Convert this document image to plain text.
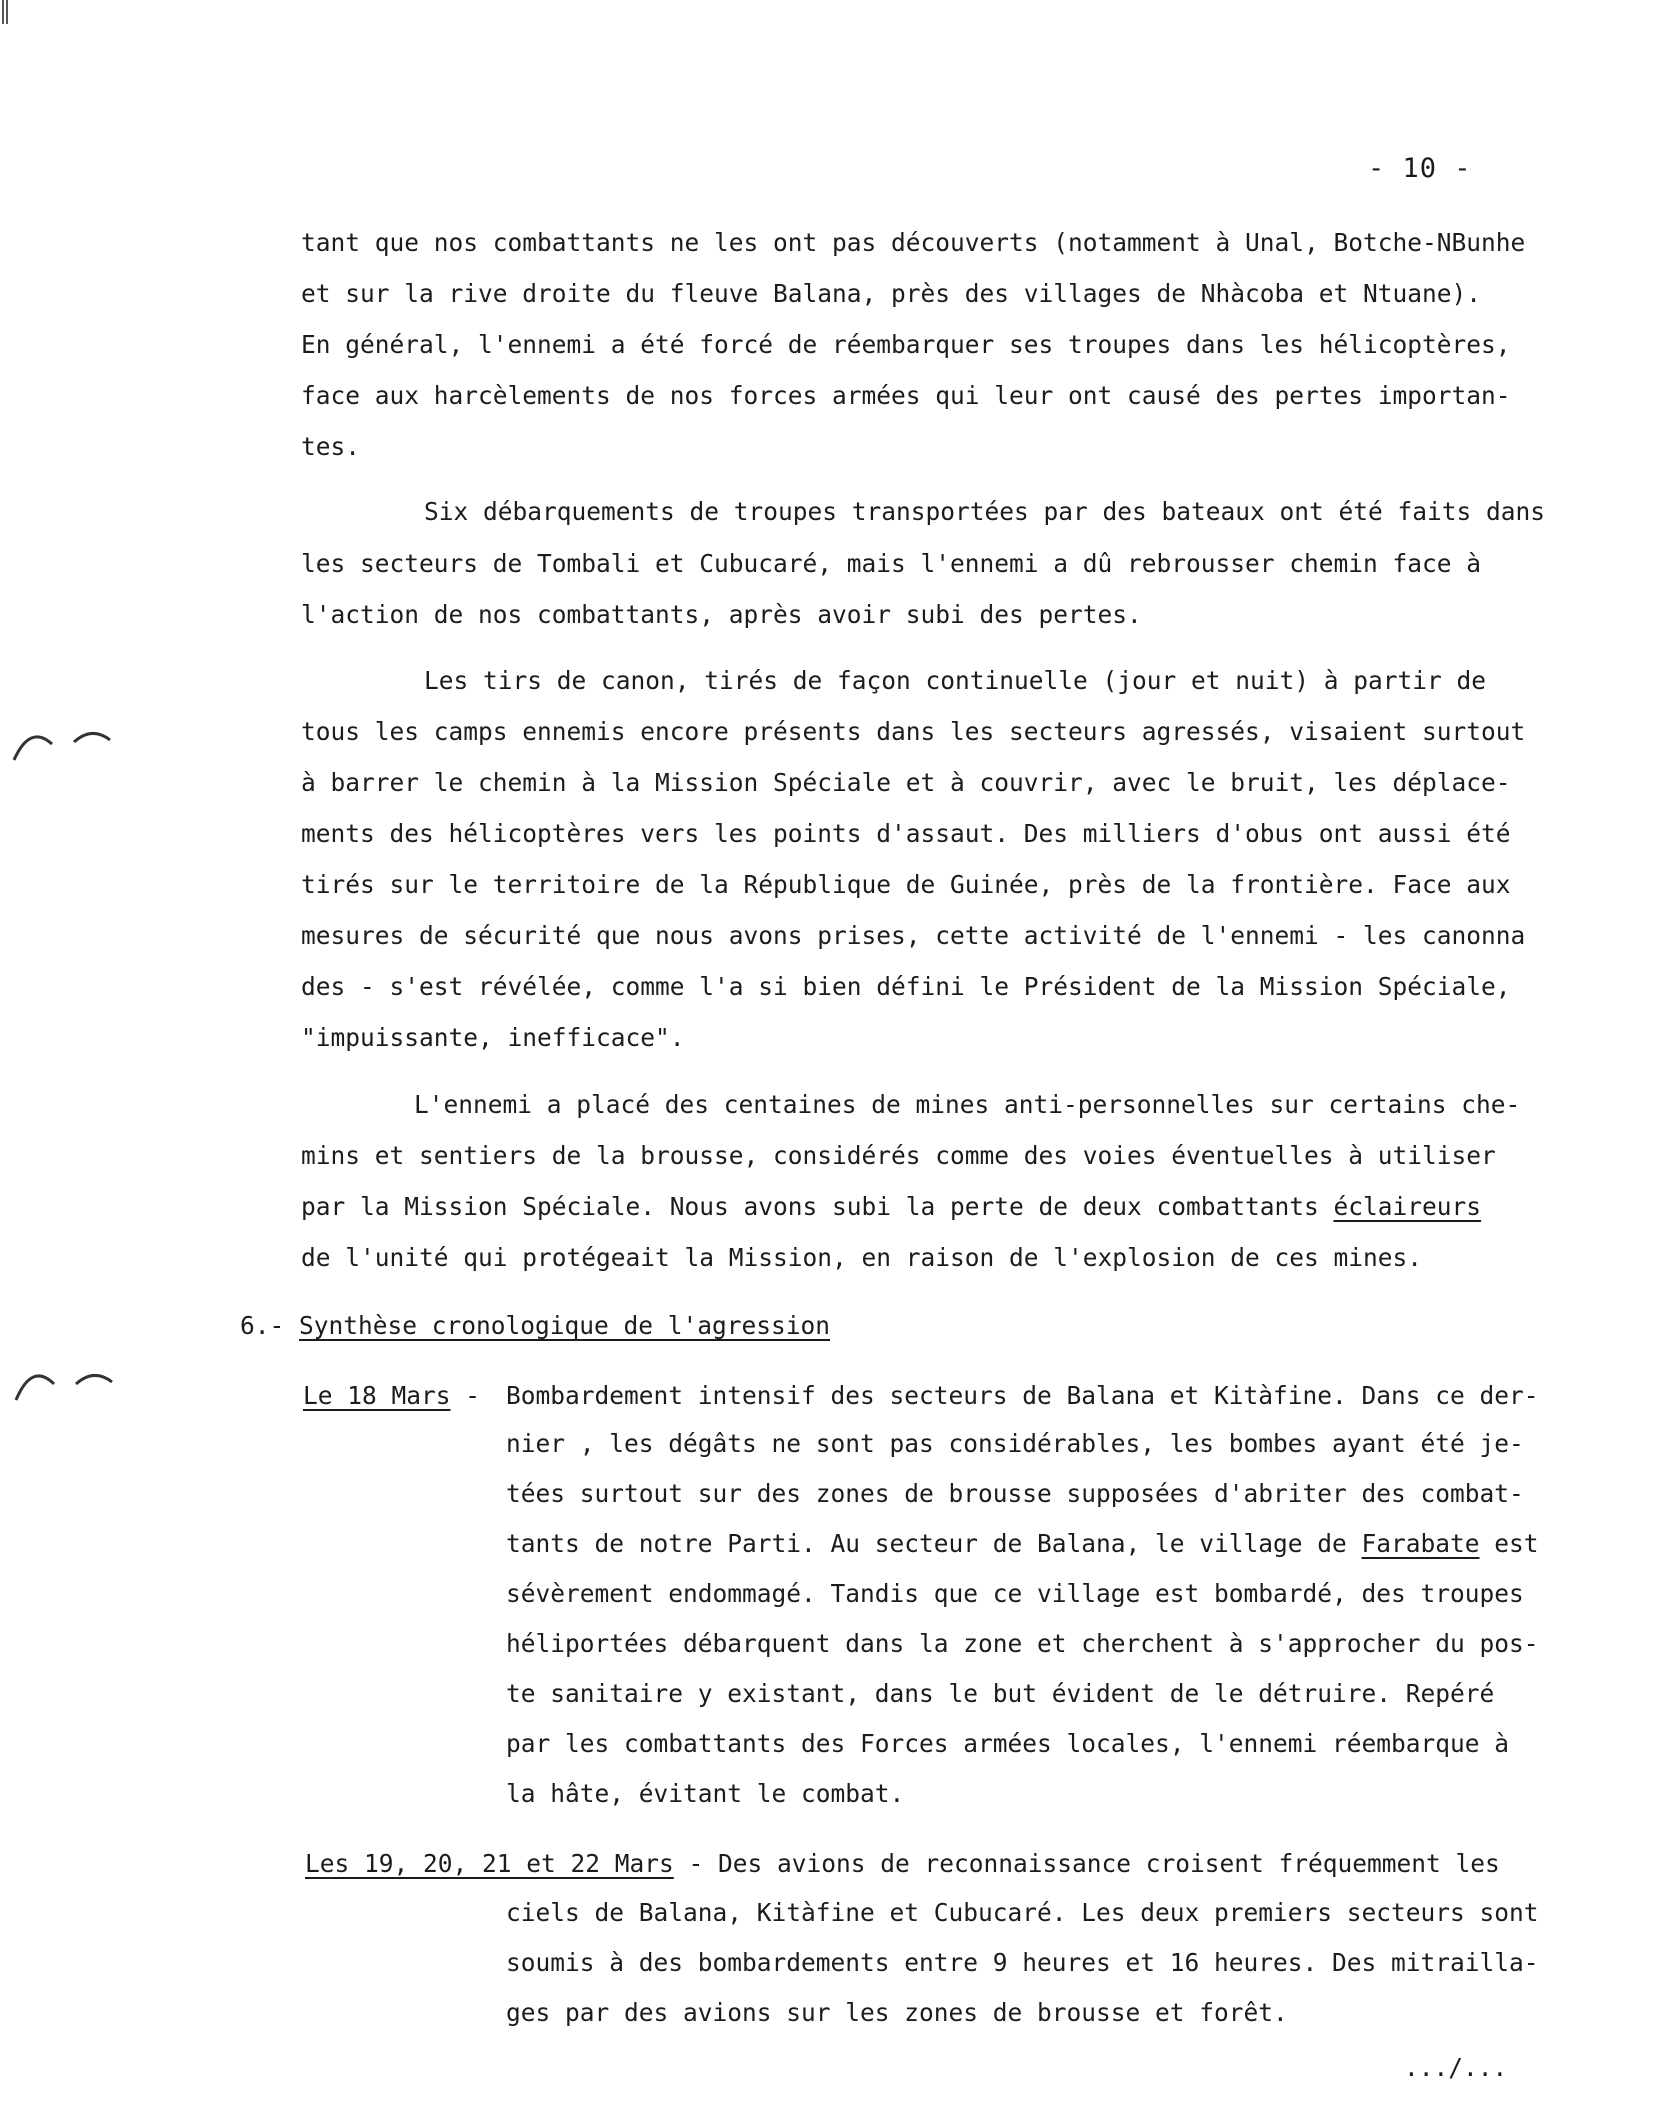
- 10 -
tant que nos combattants ne les ont pas découverts (notamment à Unal, Botche-NBunhe
et sur la rive droite du fleuve Balana, près des villages de Nhàcoba et Ntuane).
En général, l'ennemi a été forcé de réembarquer ses troupes dans les hélicoptères,
face aux harcèlements de nos forces armées qui leur ont causé des pertes importan-
tes.
Six débarquements de troupes transportées par des bateaux ont été faits dans
les secteurs de Tombali et Cubucaré, mais l'ennemi a dû rebrousser chemin face à
l'action de nos combattants, après avoir subi des pertes.
Les tirs de canon, tirés de façon continuelle (jour et nuit) à partir de
tous les camps ennemis encore présents dans les secteurs agressés, visaient surtout
à barrer le chemin à la Mission Spéciale et à couvrir, avec le bruit, les déplace-
ments des hélicoptères vers les points d'assaut. Des milliers d'obus ont aussi été
tirés sur le territoire de la République de Guinée, près de la frontière. Face aux
mesures de sécurité que nous avons prises, cette activité de l'ennemi - les canonna
des - s'est révélée, comme l'a si bien défini le Président de la Mission Spéciale,
"impuissante, inefficace".
L'ennemi a placé des centaines de mines anti-personnelles sur certains che-
mins et sentiers de la brousse, considérés comme des voies éventuelles à utiliser
par la Mission Spéciale. Nous avons subi la perte de deux combattants éclaireurs
de l'unité qui protégeait la Mission, en raison de l'explosion de ces mines.
6.- Synthèse cronologique de l'agression
Le 18 Mars - Bombardement intensif des secteurs de Balana et Kitàfine. Dans ce der-
nier , les dégâts ne sont pas considérables, les bombes ayant été je-
tées surtout sur des zones de brousse supposées d'abriter des combat-
tants de notre Parti. Au secteur de Balana, le village de Farabate est
sévèrement endommagé. Tandis que ce village est bombardé, des troupes
héliportées débarquent dans la zone et cherchent à s'approcher du pos-
te sanitaire y existant, dans le but évident de le détruire. Repéré
par les combattants des Forces armées locales, l'ennemi réembarque à
la hâte, évitant le combat.
Les 19, 20, 21 et 22 Mars - Des avions de reconnaissance croisent fréquemment les
ciels de Balana, Kitàfine et Cubucaré. Les deux premiers secteurs sont
soumis à des bombardements entre 9 heures et 16 heures. Des mitrailla-
ges par des avions sur les zones de brousse et forêt.
.../...
